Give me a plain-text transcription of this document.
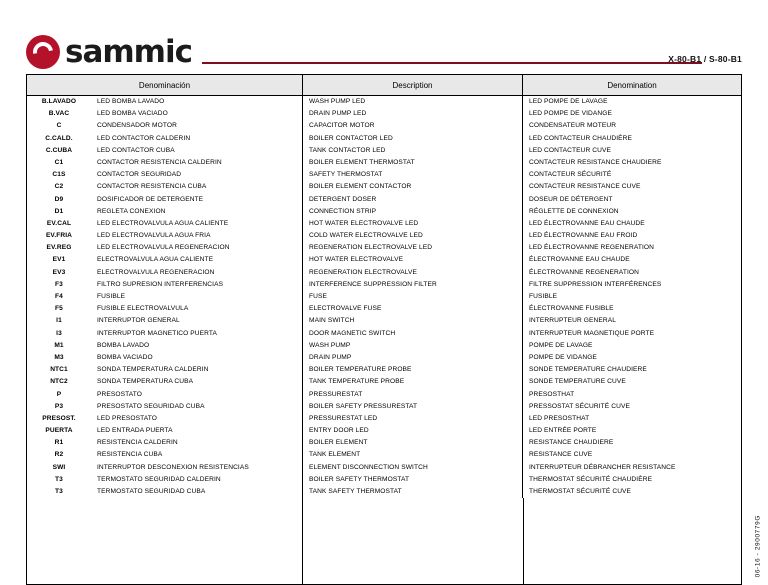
sammic	X-80-B1 / S-80-B1
Denominación	Description	Denomination
B.LAVADO	LED BOMBA LAVADO	WASH PUMP LED	LED POMPE DE LAVAGE
B.VAC	LED BOMBA VACIADO	DRAIN PUMP LED	LED POMPE DE VIDANGE
C	CONDENSADOR MOTOR	CAPACITOR MOTOR	CONDENSATEUR MOTEUR
C.CALD.	LED CONTACTOR CALDERIN	BOILER CONTACTOR LED	LED CONTACTEUR CHAUDIÈRE
C.CUBA	LED CONTACTOR CUBA	TANK CONTACTOR LED	LED CONTACTEUR CUVE
C1	CONTACTOR RESISTENCIA CALDERIN	BOILER ELEMENT THERMOSTAT	CONTACTEUR RESISTANCE CHAUDIERE
C1S	CONTACTOR SEGURIDAD	SAFETY THERMOSTAT	CONTACTEUR SÉCURITÉ
C2	CONTACTOR RESISTENCIA CUBA	BOILER ELEMENT CONTACTOR	CONTACTEUR RESISTANCE CUVE
D9	DOSIFICADOR DE DETERGENTE	DETERGENT DOSER	DOSEUR DE DÉTERGENT
D1	REGLETA CONEXION	CONNECTION STRIP	RÉGLETTE DE CONNEXION
EV.CAL	LED ELECTROVALVULA AGUA CALIENTE	HOT WATER ELECTROVALVE LED	LED ÉLECTROVANNE EAU CHAUDE
EV.FRIA	LED ELECTROVALVULA AGUA FRIA	COLD WATER ELECTROVALVE LED	LED ÉLECTROVANNE EAU FROID
EV.REG	LED ELECTROVALVULA REGENERACION	REGENERATION ELECTROVALVE LED	LED ÉLECTROVANNE REGENERATION
EV1	ELECTROVALVULA AGUA CALIENTE	HOT WATER ELECTROVALVE	ÉLECTROVANNE EAU CHAUDE
EV3	ELECTROVALVULA REGENERACION	REGENERATION ELECTROVALVE	ÉLECTROVANNE REGENERATION
F3	FILTRO SUPRESION INTERFERENCIAS	INTERFERENCE SUPPRESSION FILTER	FILTRE SUPPRESSION INTERFÉRENCES
F4	FUSIBLE	FUSE	FUSIBLE
F5	FUSIBLE ELECTROVALVULA	ELECTROVALVE FUSE	ÉLECTROVANNE FUSIBLE
I1	INTERRUPTOR GENERAL	MAIN SWITCH	INTERRUPTEUR GENERAL
I3	INTERRUPTOR MAGNETICO PUERTA	DOOR MAGNETIC SWITCH	INTERRUPTEUR MAGNETIQUE PORTE
M1	BOMBA LAVADO	WASH PUMP	POMPE DE LAVAGE
M3	BOMBA VACIADO	DRAIN PUMP	POMPE DE VIDANGE
NTC1	SONDA TEMPERATURA CALDERIN	BOILER TEMPERATURE PROBE	SONDE TEMPERATURE CHAUDIERE
NTC2	SONDA TEMPERATURA CUBA	TANK TEMPERATURE PROBE	SONDE TEMPERATURE CUVE
P	PRESOSTATO	PRESSURESTAT	PRESOSTHAT
P3	PRESOSTATO SEGURIDAD CUBA	BOILER SAFETY PRESSURESTAT	PRESSOSTAT SÉCURITÉ CUVE
PRESOST.	LED PRESOSTATO	PRESSURESTAT LED	LED PRESOSTHAT
PUERTA	LED ENTRADA PUERTA	ENTRY DOOR LED	LED ENTRÉE PORTE
R1	RESISTENCIA CALDERIN	BOILER ELEMENT	RESISTANCE CHAUDIERE
R2	RESISTENCIA CUBA	TANK ELEMENT	RESISTANCE CUVE
SWI	INTERRUPTOR DESCONEXION RESISTENCIAS	ELEMENT DISCONNECTION SWITCH	INTERRUPTEUR DÉBRANCHER RESISTANCE
T3	TERMOSTATO SEGURIDAD CALDERIN	BOILER SAFETY THERMOSTAT	THERMOSTAT SÉCURITÉ CHAUDIÈRE
T3	TERMOSTATO SEGURIDAD CUBA	TANK SAFETY THERMOSTAT	THERMOSTAT SÉCURITÉ CUVE
06-16 - 2900779G
